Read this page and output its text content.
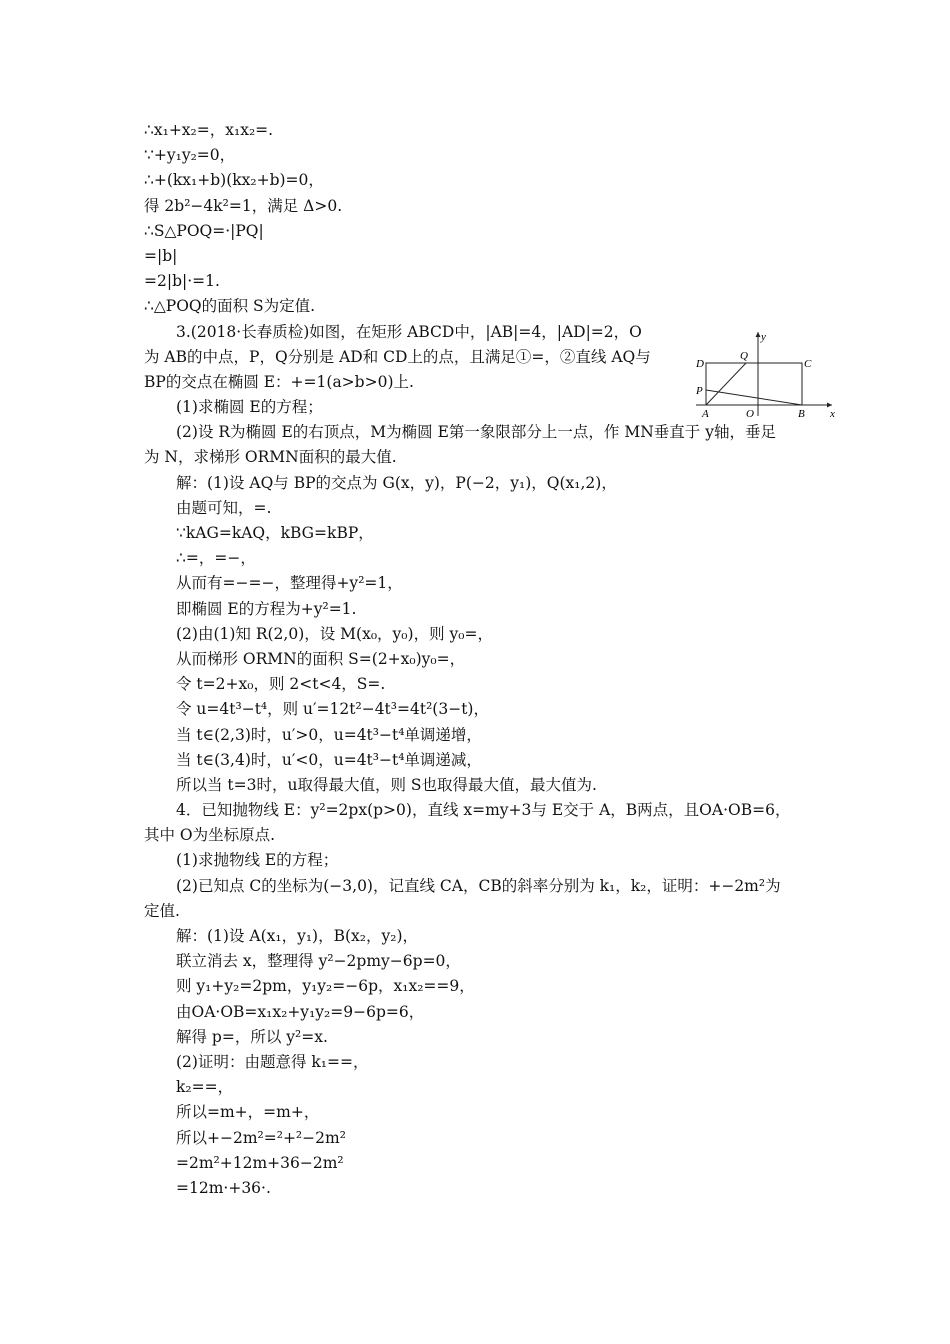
∴x₁+x₂=，x₁x₂=.
∵+y₁y₂=0，
∴+(kx₁+b)(kx₂+b)=0，
得 2b²−4k²=1，满足 Δ>0.
∴S△POQ=·|PQ|
=|b|
=2|b|·=1.
∴△POQ的面积 S为定值.
3.(2018·长春质检)如图，在矩形 ABCD中，|AB|=4，|AD|=2，O
为 AB的中点，P，Q分别是 AD和 CD上的点，且满足①=，②直线 AQ与
BP的交点在椭圆 E：+=1(a>b>0)上.
(1)求椭圆 E的方程；
(2)设 R为椭圆 E的右顶点，M为椭圆 E第一象限部分上一点，作 MN垂直于 y轴，垂足
为 N，求梯形 ORMN面积的最大值.
解：(1)设 AQ与 BP的交点为 G(x，y)，P(−2，y₁)，Q(x₁,2)，
由题可知，=.
∵kAG=kAQ，kBG=kBP，
∴=，=−，
从而有=−=−，整理得+y²=1，
即椭圆 E的方程为+y²=1.
(2)由(1)知 R(2,0)，设 M(x₀，y₀)，则 y₀=，
从而梯形 ORMN的面积 S=(2+x₀)y₀=，
令 t=2+x₀，则 2<t<4，S=.
令 u=4t³−t⁴，则 u′=12t²−4t³=4t²(3−t)，
当 t∈(2,3)时，u′>0，u=4t³−t⁴单调递增，
当 t∈(3,4)时，u′<0，u=4t³−t⁴单调递减，
所以当 t=3时，u取得最大值，则 S也取得最大值，最大值为.
4．已知抛物线 E：y²=2px(p>0)，直线 x=my+3与 E交于 A，B两点，且OA·OB=6，
其中 O为坐标原点.
(1)求抛物线 E的方程；
(2)已知点 C的坐标为(−3,0)，记直线 CA，CB的斜率分别为 k₁，k₂，证明：+−2m²为
定值.
解：(1)设 A(x₁，y₁)，B(x₂，y₂)，
联立消去 x，整理得 y²−2pmy−6p=0，
则 y₁+y₂=2pm，y₁y₂=−6p，x₁x₂==9，
由OA·OB=x₁x₂+y₁y₂=9−6p=6，
解得 p=，所以 y²=x.
(2)证明：由题意得 k₁==，
k₂==，
所以=m+，=m+，
所以+−2m²=²+²−2m²
=2m²+12m+36−2m²
=12m·+36·.
D
Q
y
C
P
A	O	B x
